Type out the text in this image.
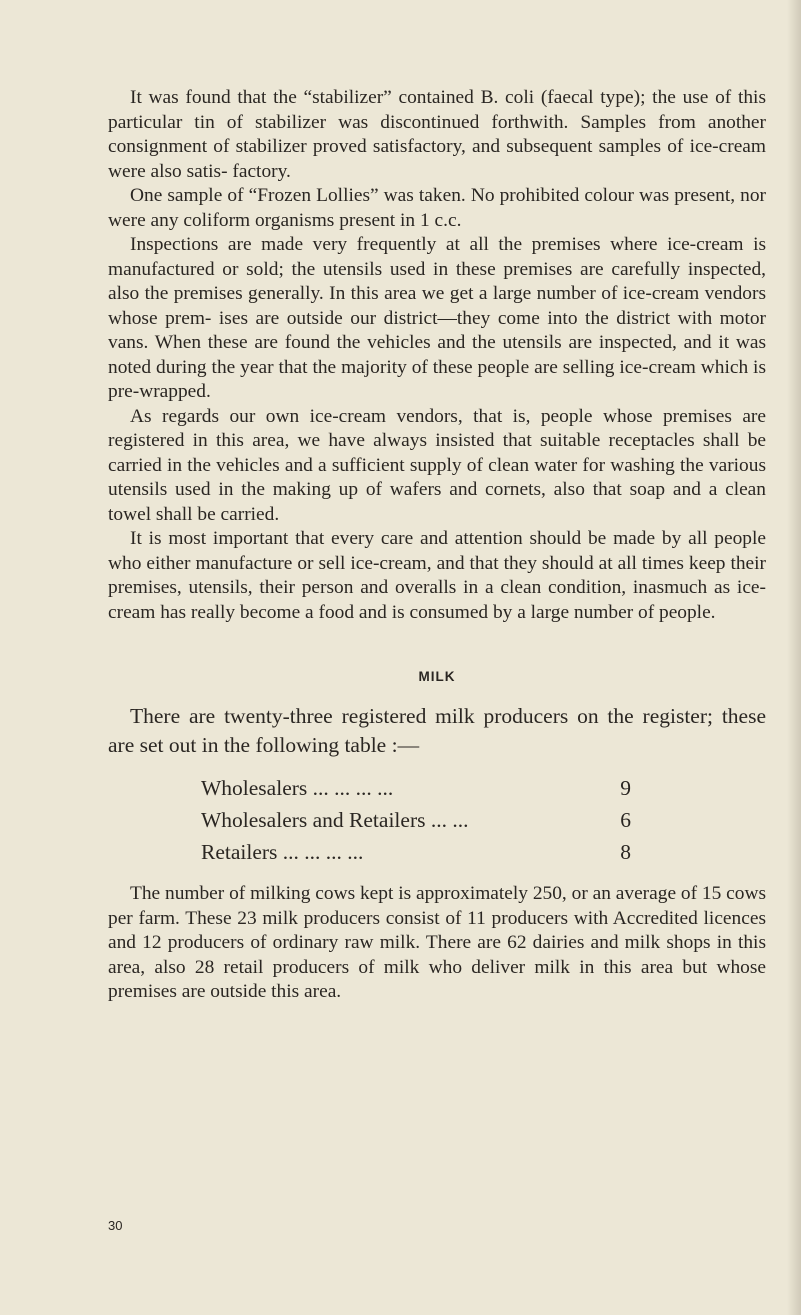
It was found that the “stabilizer” contained B. coli (faecal type); the use of this particular tin of stabilizer was discontinued forthwith. Samples from another consignment of stabilizer proved satisfactory, and subsequent samples of ice-cream were also satis- factory.

One sample of “Frozen Lollies” was taken. No prohibited colour was present, nor were any coliform organisms present in 1 c.c.

Inspections are made very frequently at all the premises where ice-cream is manufactured or sold; the utensils used in these premises are carefully inspected, also the premises generally. In this area we get a large number of ice-cream vendors whose prem- ises are outside our district—they come into the district with motor vans. When these are found the vehicles and the utensils are inspected, and it was noted during the year that the majority of these people are selling ice-cream which is pre-wrapped.

As regards our own ice-cream vendors, that is, people whose premises are registered in this area, we have always insisted that suitable receptacles shall be carried in the vehicles and a sufficient supply of clean water for washing the various utensils used in the making up of wafers and cornets, also that soap and a clean towel shall be carried.

It is most important that every care and attention should be made by all people who either manufacture or sell ice-cream, and that they should at all times keep their premises, utensils, their person and overalls in a clean condition, inasmuch as ice-cream has really become a food and is consumed by a large number of people.

MILK

There are twenty-three registered milk producers on the register; these are set out in the following table :—

Wholesalers ... ... ... ...	9
Wholesalers and Retailers ... ...	6
Retailers ... ... ... ...	8

The number of milking cows kept is approximately 250, or an average of 15 cows per farm. These 23 milk producers consist of 11 producers with Accredited licences and 12 producers of ordinary raw milk. There are 62 dairies and milk shops in this area, also 28 retail producers of milk who deliver milk in this area but whose premises are outside this area.

30
